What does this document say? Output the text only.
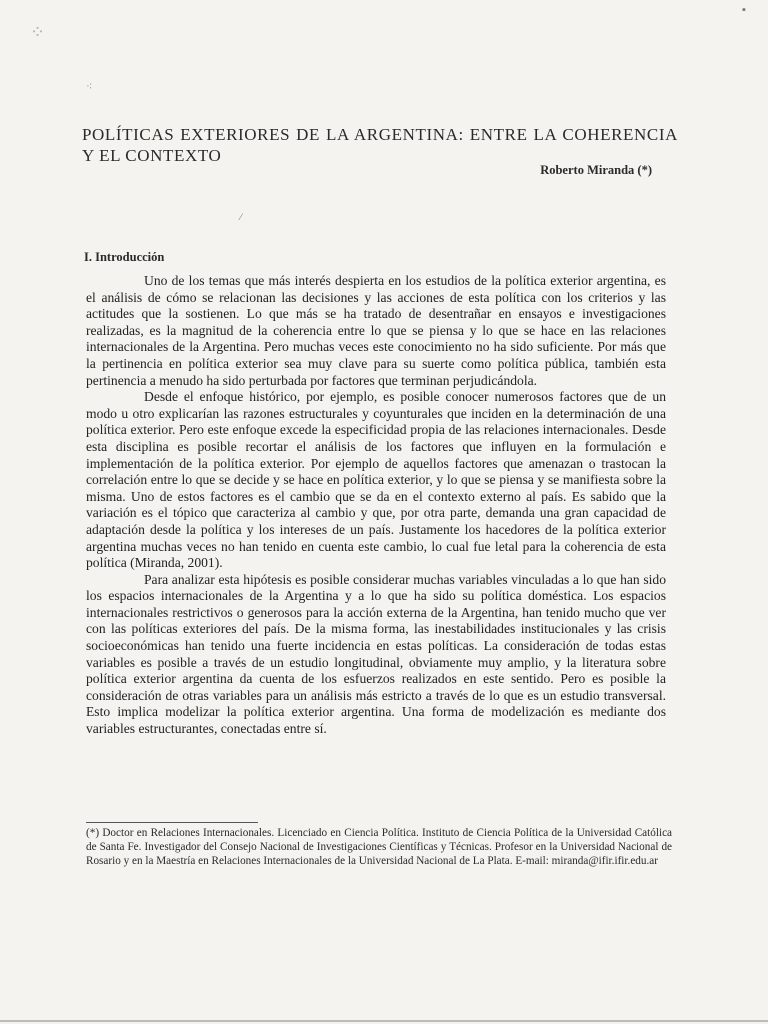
⁘
⁖
▪
⁄
POLÍTICAS EXTERIORES DE LA ARGENTINA: ENTRE LA COHERENCIA Y EL CONTEXTO
Roberto Miranda (*)
I. Introducción

Uno de los temas que más interés despierta en los estudios de la política exterior argentina, es el análisis de cómo se relacionan las decisiones y las acciones de esta política con los criterios y las actitudes que la sostienen. Lo que más se ha tratado de desentrañar en ensayos e investigaciones realizadas, es la magnitud de la coherencia entre lo que se piensa y lo que se hace en las relaciones internacionales de la Argentina. Pero muchas veces este conocimiento no ha sido suficiente. Por más que la pertinencia en política exterior sea muy clave para su suerte como política pública, también esta pertinencia a menudo ha sido perturbada por factores que terminan perjudicándola.

Desde el enfoque histórico, por ejemplo, es posible conocer numerosos factores que de un modo u otro explicarían las razones estructurales y coyunturales que inciden en la determinación de una política exterior. Pero este enfoque excede la especificidad propia de las relaciones internacionales. Desde esta disciplina es posible recortar el análisis de los factores que influyen en la formulación e implementación de la política exterior. Por ejemplo de aquellos factores que amenazan o trastocan la correlación entre lo que se decide y se hace en política exterior, y lo que se piensa y se manifiesta sobre la misma. Uno de estos factores es el cambio que se da en el contexto externo al país. Es sabido que la variación es el tópico que caracteriza al cambio y que, por otra parte, demanda una gran capacidad de adaptación desde la política y los intereses de un país. Justamente los hacedores de la política exterior argentina muchas veces no han tenido en cuenta este cambio, lo cual fue letal para la coherencia de esta política (Miranda, 2001).

Para analizar esta hipótesis es posible considerar muchas variables vinculadas a lo que han sido los espacios internacionales de la Argentina y a lo que ha sido su política doméstica. Los espacios internacionales restrictivos o generosos para la acción externa de la Argentina, han tenido mucho que ver con las políticas exteriores del país. De la misma forma, las inestabilidades institucionales y las crisis socioeconómicas han tenido una fuerte incidencia en estas políticas. La consideración de todas estas variables es posible a través de un estudio longitudinal, obviamente muy amplio, y la literatura sobre política exterior argentina da cuenta de los esfuerzos realizados en este sentido. Pero es posible la consideración de otras variables para un análisis más estricto a través de lo que es un estudio transversal. Esto implica modelizar la política exterior argentina. Una forma de modelización es mediante dos variables estructurantes, conectadas entre sí.

(*) Doctor en Relaciones Internacionales. Licenciado en Ciencia Política. Instituto de Ciencia Política de la Universidad Católica de Santa Fe. Investigador del Consejo Nacional de Investigaciones Científicas y Técnicas. Profesor en la Universidad Nacional de Rosario y en la Maestría en Relaciones Internacionales de la Universidad Nacional de La Plata. E-mail: miranda@ifir.ifir.edu.ar
